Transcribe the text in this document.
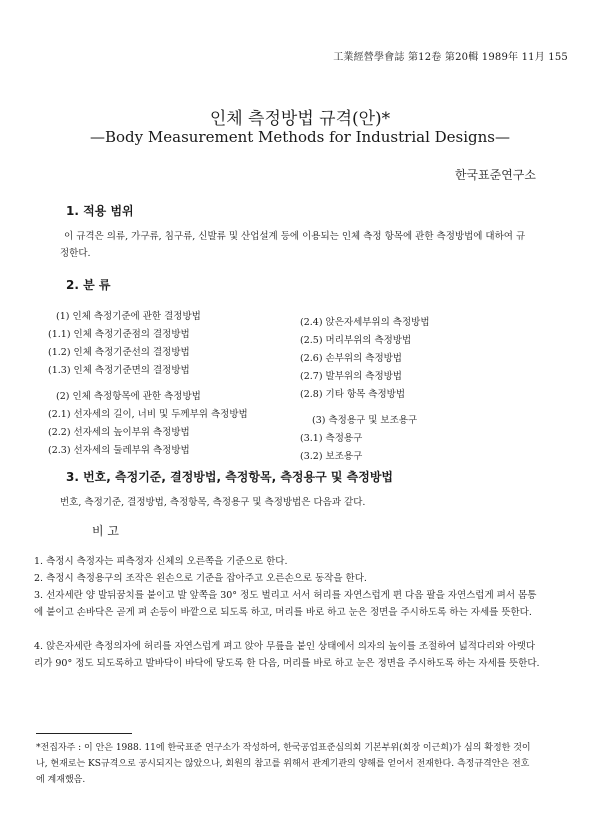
工業經營學會誌 第12卷 第20輯 1989年 11月 155
인체 측정방법 규격(안)*
—Body Measurement Methods for Industrial Designs—
한국표준연구소
1. 적용 범위
이 규격은 의류, 가구류, 침구류, 신발류 및 산업설계 등에 이용되는 인체 측정 항목에 관한 측정방법에 대하여 규정한다.
2. 분 류
(1) 인체 측정기준에 관한 결정방법
(1.1) 인체 측정기준점의 결정방법
(1.2) 인체 측정기준선의 결정방법
(1.3) 인체 측정기준면의 결정방법
(2) 인체 측정항목에 관한 측정방법
(2.1) 선자세의 길이, 너비 및 두께부위 측정방법
(2.2) 선자세의 높이부위 측정방법
(2.3) 선자세의 둘레부위 측정방법
(2.4) 앉은자세부위의 측정방법
(2.5) 머리부위의 측정방법
(2.6) 손부위의 측정방법
(2.7) 발부위의 측정방법
(2.8) 기타 항목 측정방법
(3) 측정용구 및 보조용구
(3.1) 측정용구
(3.2) 보조용구
3. 번호, 측정기준, 결정방법, 측정항목, 측정용구 및 측정방법
번호, 측정기준, 결정방법, 측정항목, 측정용구 및 측정방법은 다음과 같다.
비 고
1. 측정시 측정자는 피측정자 신체의 오른쪽을 기준으로 한다.
2. 측정시 측정용구의 조작은 왼손으로 기준을 잡아주고 오른손으로 동작을 한다.
3. 선자세란 양 발뒤꿈치를 붙이고 발 앞쪽을 30° 정도 벌리고 서서 허리를 자연스럽게 편 다음 팔을 자연스럽게 펴서 몸통에 붙이고 손바닥은 곧게 펴 손등이 바깥으로 되도록 하고, 머리를 바로 하고 눈은 정면을 주시하도록 하는 자세를 뜻한다.
4. 앉은자세란 측정의자에 허리를 자연스럽게 펴고 앉아 무릎을 붙인 상태에서 의자의 높이를 조절하여 넓적다리와 아랫다리가 90° 정도 되도록하고 발바닥이 바닥에 닿도록 한 다음, 머리를 바로 하고 눈은 정면을 주시하도록 하는 자세를 뜻한다.
*전집자주 : 이 안은 1988. 11에 한국표준 연구소가 작성하여, 한국공업표준심의회 기본부위(회장 이근희)가 심의 확정한 것이나, 현재로는 KS규격으로 공시되지는 않았으나, 회원의 참고를 위해서 관계기관의 양해를 얻어서 전재한다. 측정규격안은 전호에 계재했음.
